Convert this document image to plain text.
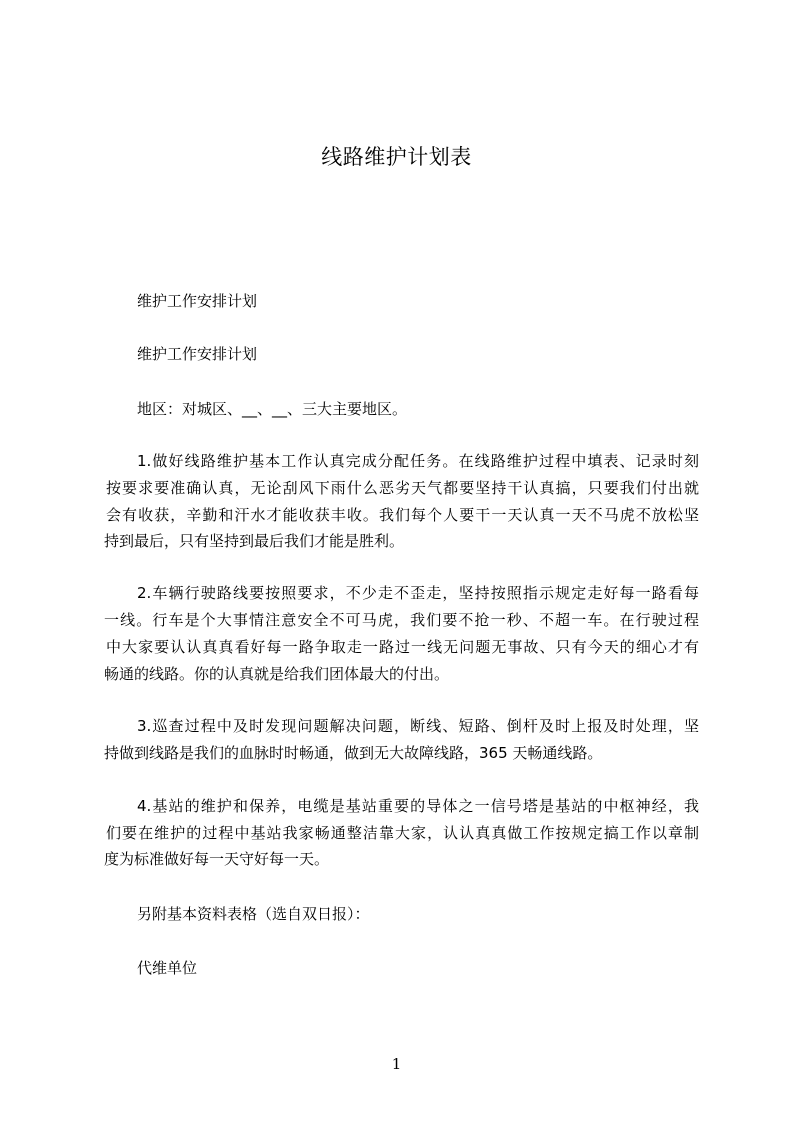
线路维护计划表
维护工作安排计划
维护工作安排计划
地区：对城区、__、__、三大主要地区。
1.做好线路维护基本工作认真完成分配任务。在线路维护过程中填表、记录时刻
按要求要准确认真，无论刮风下雨什么恶劣天气都要坚持干认真搞，只要我们付出就
会有收获，辛勤和汗水才能收获丰收。我们每个人要干一天认真一天不马虎不放松坚
持到最后，只有坚持到最后我们才能是胜利。
2.车辆行驶路线要按照要求，不少走不歪走，坚持按照指示规定走好每一路看每
一线。行车是个大事情注意安全不可马虎，我们要不抢一秒、不超一车。在行驶过程
中大家要认认真真看好每一路争取走一路过一线无问题无事故、只有今天的细心才有
畅通的线路。你的认真就是给我们团体最大的付出。
3.巡查过程中及时发现问题解决问题，断线、短路、倒杆及时上报及时处理，坚
持做到线路是我们的血脉时时畅通，做到无大故障线路，365 天畅通线路。
4.基站的维护和保养，电缆是基站重要的导体之一信号塔是基站的中枢神经，我
们要在维护的过程中基站我家畅通整洁靠大家，认认真真做工作按规定搞工作以章制
度为标准做好每一天守好每一天。
另附基本资料表格（选自双日报）：
代维单位
1
